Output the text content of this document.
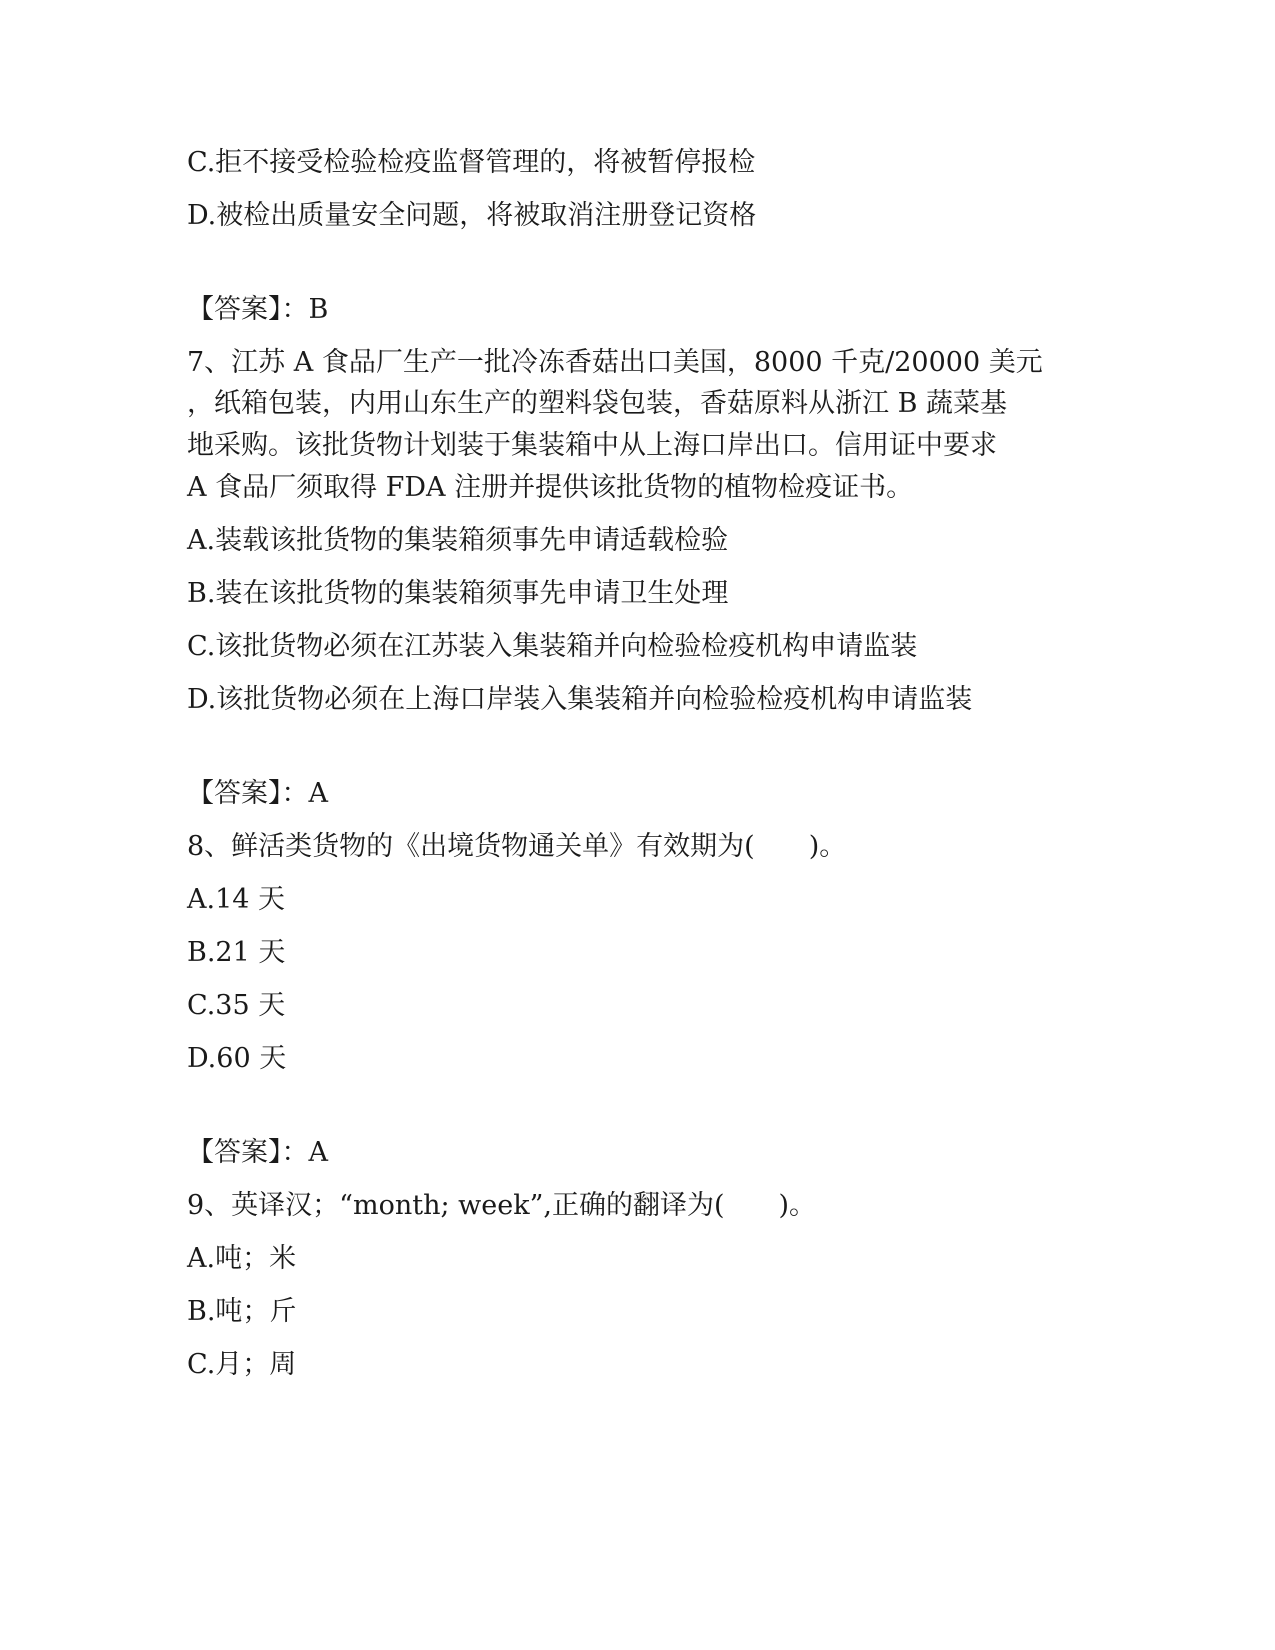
C.拒不接受检验检疫监督管理的，将被暂停报检
D.被检出质量安全问题，将被取消注册登记资格
【答案】：B
7、江苏 A 食品厂生产一批冷冻香菇出口美国，8000 千克/20000 美元
，纸箱包装，内用山东生产的塑料袋包装，香菇原料从浙江 B 蔬菜基
地采购。该批货物计划装于集装箱中从上海口岸出口。信用证中要求
A 食品厂须取得 FDA 注册并提供该批货物的植物检疫证书。
A.装载该批货物的集装箱须事先申请适载检验
B.装在该批货物的集装箱须事先申请卫生处理
C.该批货物必须在江苏装入集装箱并向检验检疫机构申请监装
D.该批货物必须在上海口岸装入集装箱并向检验检疫机构申请监装
【答案】：A
8、鲜活类货物的《出境货物通关单》有效期为(　　)。
A.14 天
B.21 天
C.35 天
D.60 天
【答案】：A
9、英译汉；“month; week”,正确的翻译为(　　)。
A.吨；米
B.吨；斤
C.月；周
